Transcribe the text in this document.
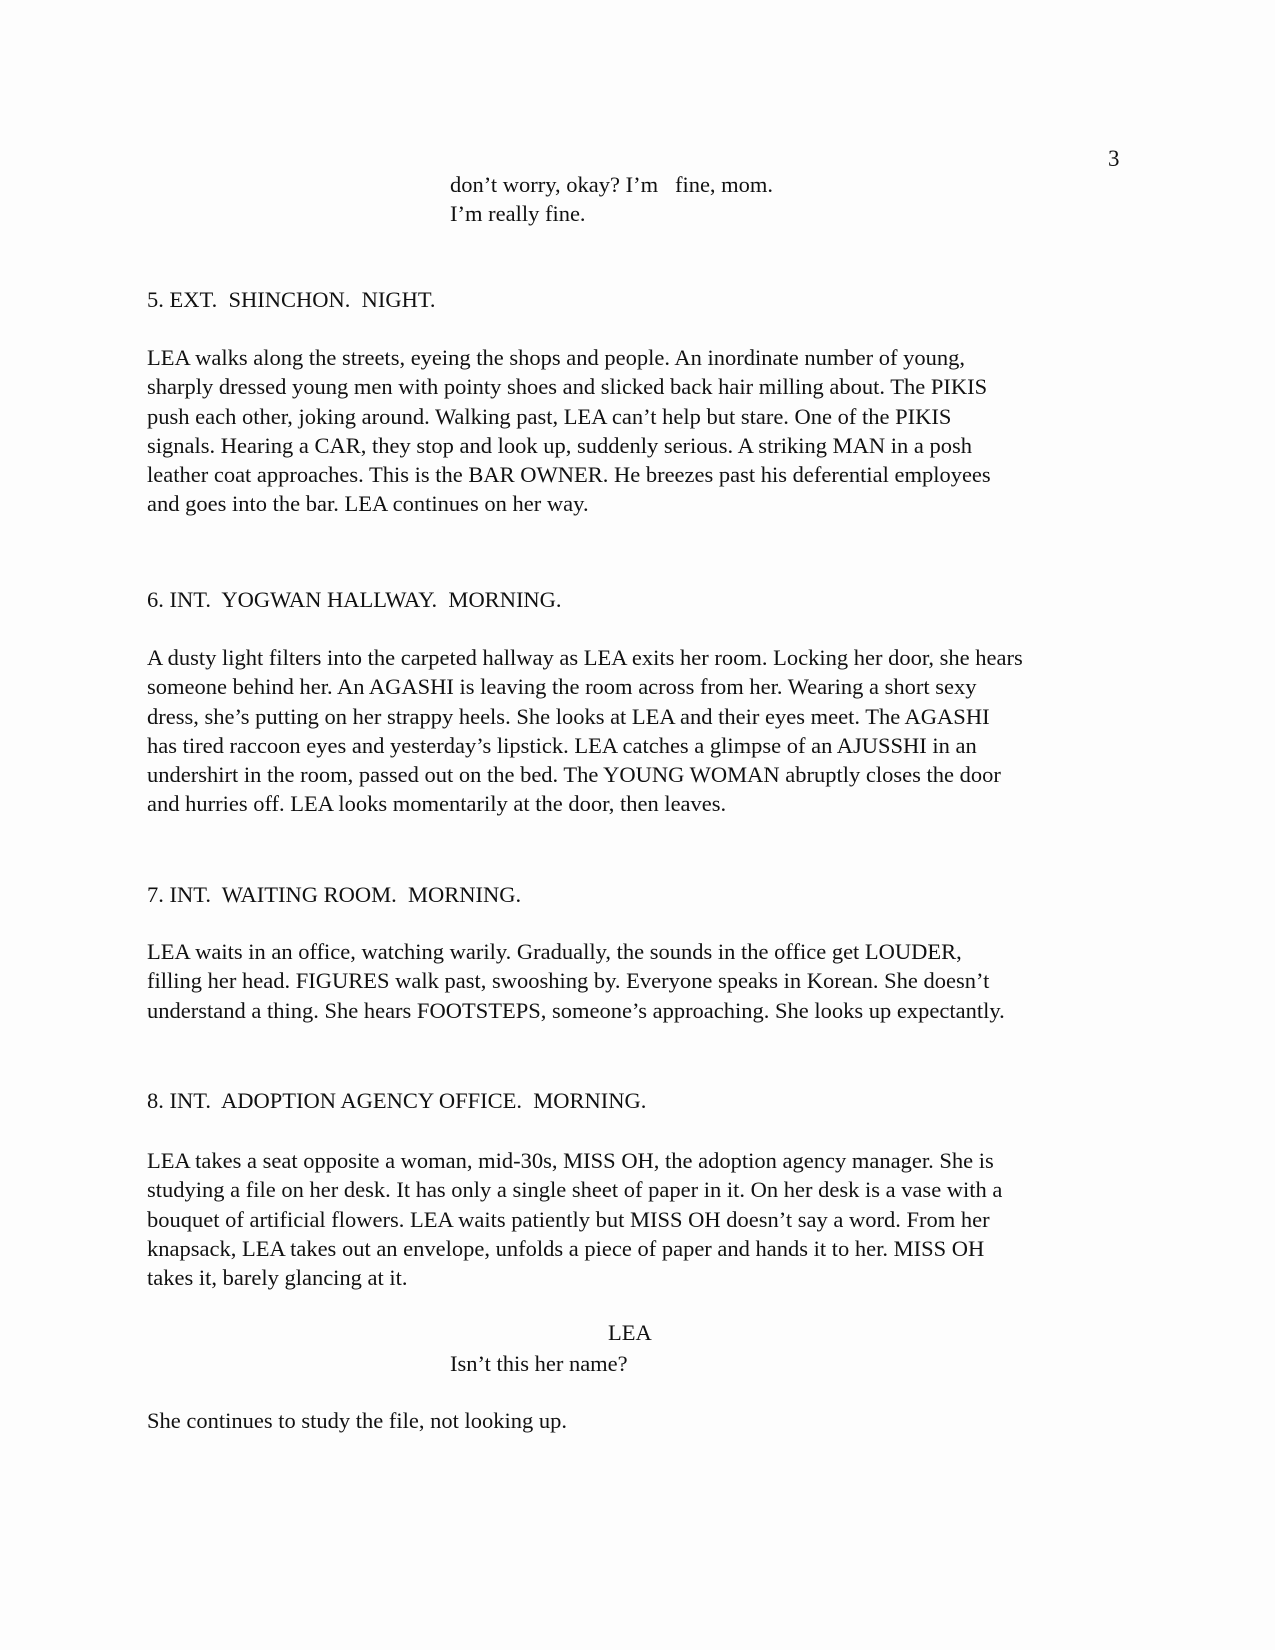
3
don’t worry, okay? I’m   fine, mom.
I’m really fine.
5. EXT.  SHINCHON.  NIGHT.
LEA walks along the streets, eyeing the shops and people. An inordinate number of young,
sharply dressed young men with pointy shoes and slicked back hair milling about. The PIKIS
push each other, joking around. Walking past, LEA can’t help but stare. One of the PIKIS
signals. Hearing a CAR, they stop and look up, suddenly serious. A striking MAN in a posh
leather coat approaches. This is the BAR OWNER. He breezes past his deferential employees
and goes into the bar. LEA continues on her way.
6. INT.  YOGWAN HALLWAY.  MORNING.
A dusty light filters into the carpeted hallway as LEA exits her room. Locking her door, she hears
someone behind her. An AGASHI is leaving the room across from her. Wearing a short sexy
dress, she’s putting on her strappy heels. She looks at LEA and their eyes meet. The AGASHI
has tired raccoon eyes and yesterday’s lipstick. LEA catches a glimpse of an AJUSSHI in an
undershirt in the room, passed out on the bed. The YOUNG WOMAN abruptly closes the door
and hurries off. LEA looks momentarily at the door, then leaves.
7. INT.  WAITING ROOM.  MORNING.
LEA waits in an office, watching warily. Gradually, the sounds in the office get LOUDER,
filling her head. FIGURES walk past, swooshing by. Everyone speaks in Korean. She doesn’t
understand a thing. She hears FOOTSTEPS, someone’s approaching. She looks up expectantly.
8. INT.  ADOPTION AGENCY OFFICE.  MORNING.
LEA takes a seat opposite a woman, mid-30s, MISS OH, the adoption agency manager. She is
studying a file on her desk. It has only a single sheet of paper in it. On her desk is a vase with a
bouquet of artificial flowers. LEA waits patiently but MISS OH doesn’t say a word. From her
knapsack, LEA takes out an envelope, unfolds a piece of paper and hands it to her. MISS OH
takes it, barely glancing at it.
LEA
Isn’t this her name?
She continues to study the file, not looking up.
